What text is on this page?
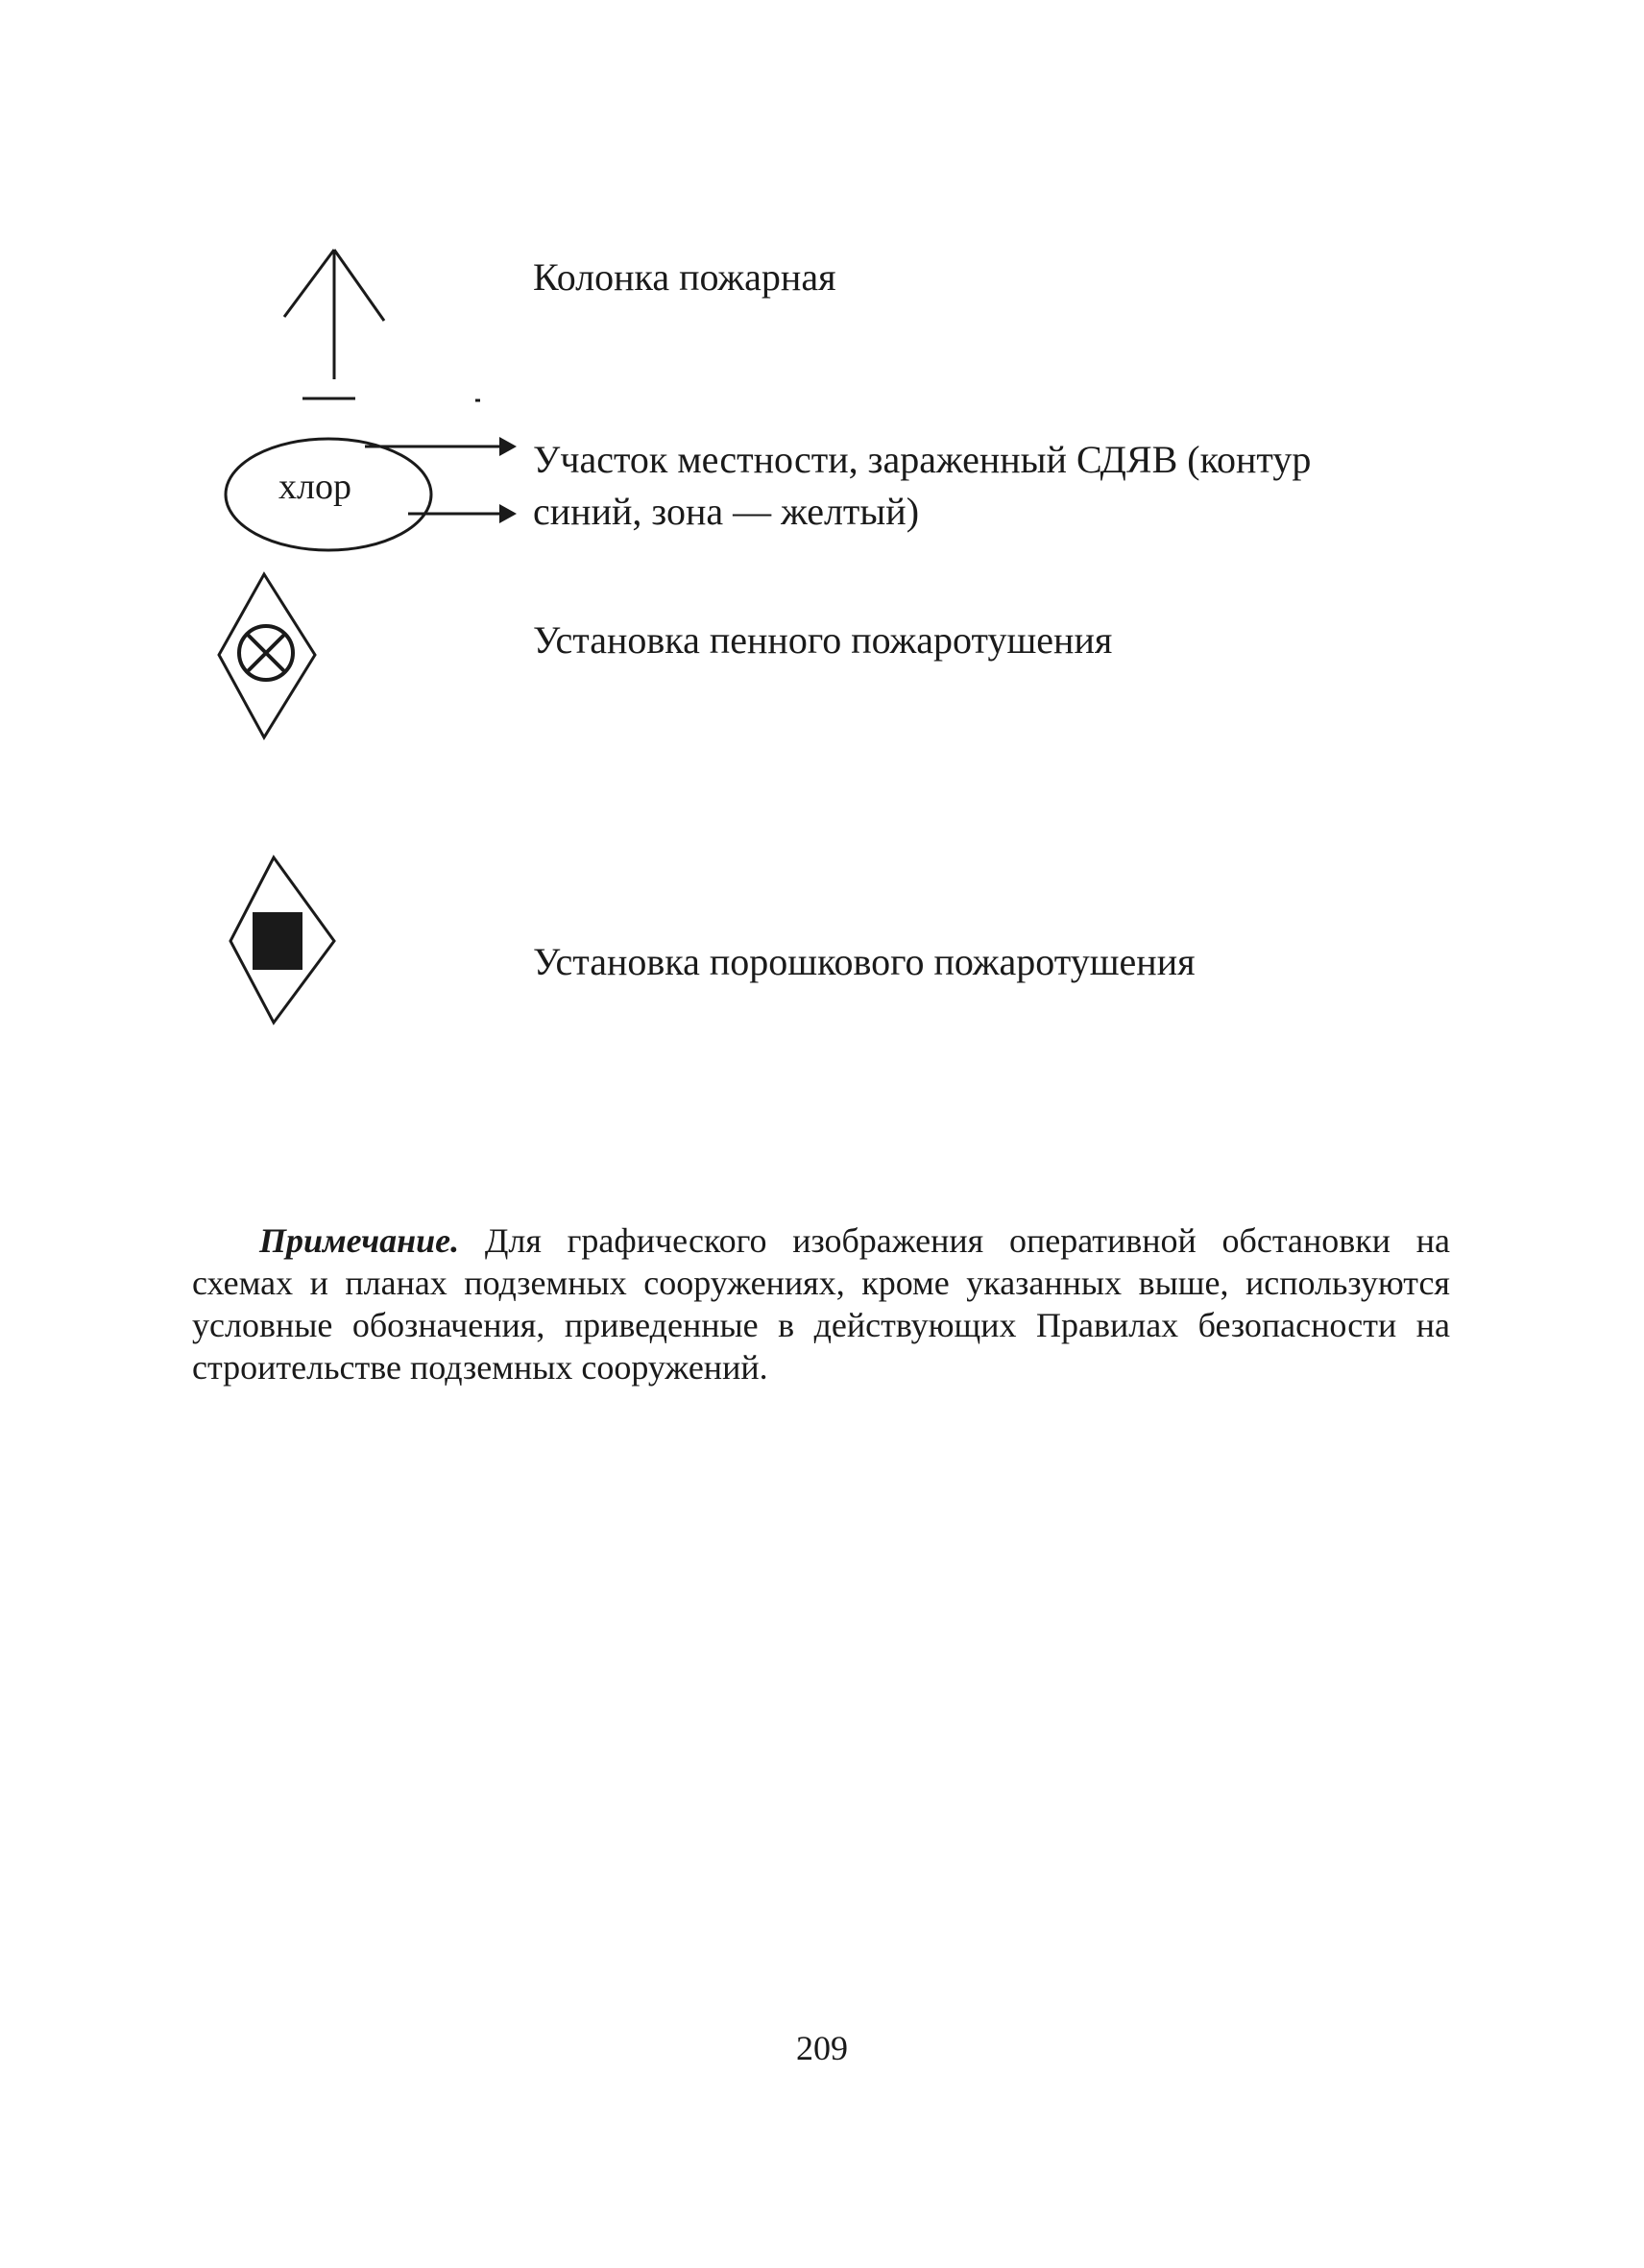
хлор
Колонка пожарная
Участок местности, зараженный СДЯВ (контур
синий, зона — желтый)
Установка пенного пожаротушения
Установка порошкового пожаротушения

Примечание. Для графического изображения оперативной обстановки на схемах и планах подземных сооружениях, кроме указанных выше, используются условные обозначения, приведенные в действующих Правилах безопасности на строительстве подземных сооружений.

209
